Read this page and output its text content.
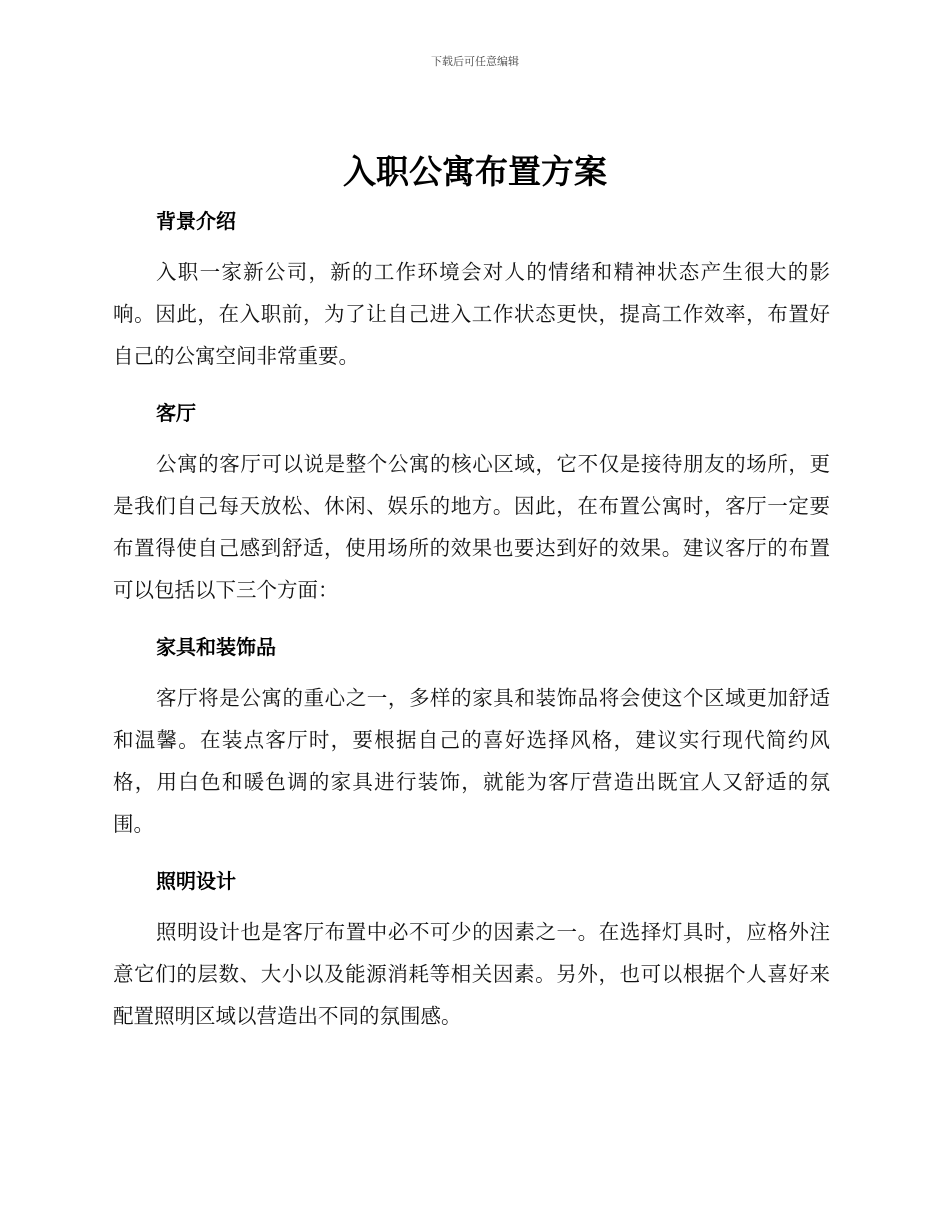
下载后可任意编辑
入职公寓布置方案
背景介绍

入职一家新公司，新的工作环境会对人的情绪和精神状态产生很大的影响。因此，在入职前，为了让自己进入工作状态更快，提高工作效率，布置好自己的公寓空间非常重要。

客厅

公寓的客厅可以说是整个公寓的核心区域，它不仅是接待朋友的场所，更是我们自己每天放松、休闲、娱乐的地方。因此，在布置公寓时，客厅一定要布置得使自己感到舒适，使用场所的效果也要达到好的效果。建议客厅的布置可以包括以下三个方面：

家具和装饰品

客厅将是公寓的重心之一，多样的家具和装饰品将会使这个区域更加舒适和温馨。在装点客厅时，要根据自己的喜好选择风格，建议实行现代简约风格，用白色和暖色调的家具进行装饰，就能为客厅营造出既宜人又舒适的氛围。

照明设计

照明设计也是客厅布置中必不可少的因素之一。在选择灯具时，应格外注意它们的层数、大小以及能源消耗等相关因素。另外，也可以根据个人喜好来配置照明区域以营造出不同的氛围感。
